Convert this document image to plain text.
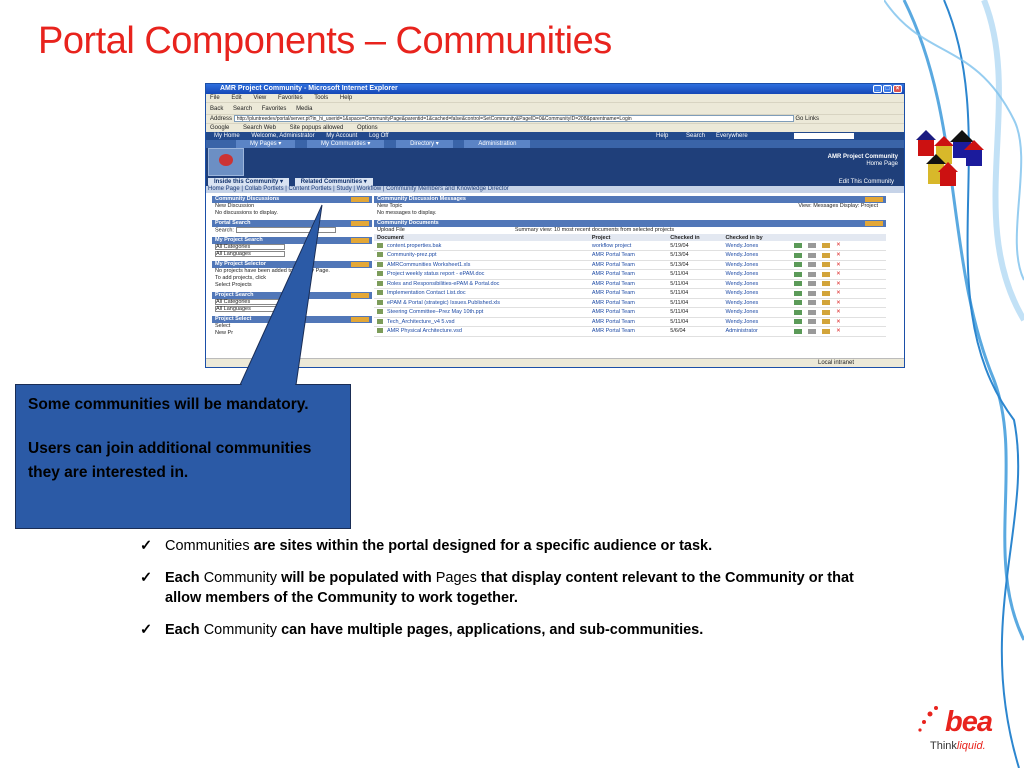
Portal Components – Communities
AMR Project Community - Microsoft Internet Explorer	_	□	×
File Edit View Favorites Tools Help
Back Search Favorites Media
Address http://pluntreedev/portal/server.pt?in_hi_userid=1&space=CommunityPage&parentid=1&cached=false&control=SetCommunity&PageID=0&CommunityID=208&parentname=Login	Go Links
Google Search Web Site popups allowed Options
My Home Welcome, Administrator My Account Log Off	Help	Search Everywhere
My Pages ▾	My Communities ▾	Directory ▾	Administration
AMR Project Community
Home Page
Inside this Community ▾	Related Communities ▾	Edit This Community
Home Page | Collab Portlets | Content Portlets | Study | Workflow | Community Members and Knowledge Director
Community Discussions
New Discussion
No discussions to display.
Portal Search
Search:
My Project Search
All Categories
All Languages
My Project Selector
No projects have been added to your My Page.
To add projects, click
Select Projects
Project Search
All Categories
All Languages
Project Select
Select
New Pr
Community Discussion Messages
New Topic	View: Messages Display: Project
No messages to display.
Community Documents
Upload File	Summary view: 10 most recent documents from selected projects
Document	Project	Checked in	Checked in by	
content.properties.bak	workflow project	5/19/04	Wendy.Jones	✕
Community-prez.ppt	AMR Portal Team	5/13/04	Wendy.Jones	✕
AMRCommunities Worksheet1.xls	AMR Portal Team	5/13/04	Wendy.Jones	✕
Project weekly status report - ePAM.doc	AMR Portal Team	5/11/04	Wendy.Jones	✕
Roles and Responsibilities-ePAM & Portal.doc	AMR Portal Team	5/11/04	Wendy.Jones	✕
Implementation Contact List.doc	AMR Portal Team	5/11/04	Wendy.Jones	✕
ePAM & Portal (strategic) Issues.Published.xls	AMR Portal Team	5/11/04	Wendy.Jones	✕
Steering Committee–Prez May 10th.ppt	AMR Portal Team	5/11/04	Wendy.Jones	✕
Tech_Architecture_v4 5.vsd	AMR Portal Team	5/11/04	Wendy.Jones	✕
AMR Physical Architecture.vsd	AMR Portal Team	5/6/04	Administrator	✕
Local intranet

Some communities will be mandatory.

Users can join additional communities they are interested in.

✓ Communities are sites within the portal designed for a specific audience or task.
✓ Each Community will be populated with Pages that display content relevant to the Community or that allow members of the Community to work together.
✓ Each Community can have multiple pages, applications, and sub-communities.
bea
Thinkliquid.
